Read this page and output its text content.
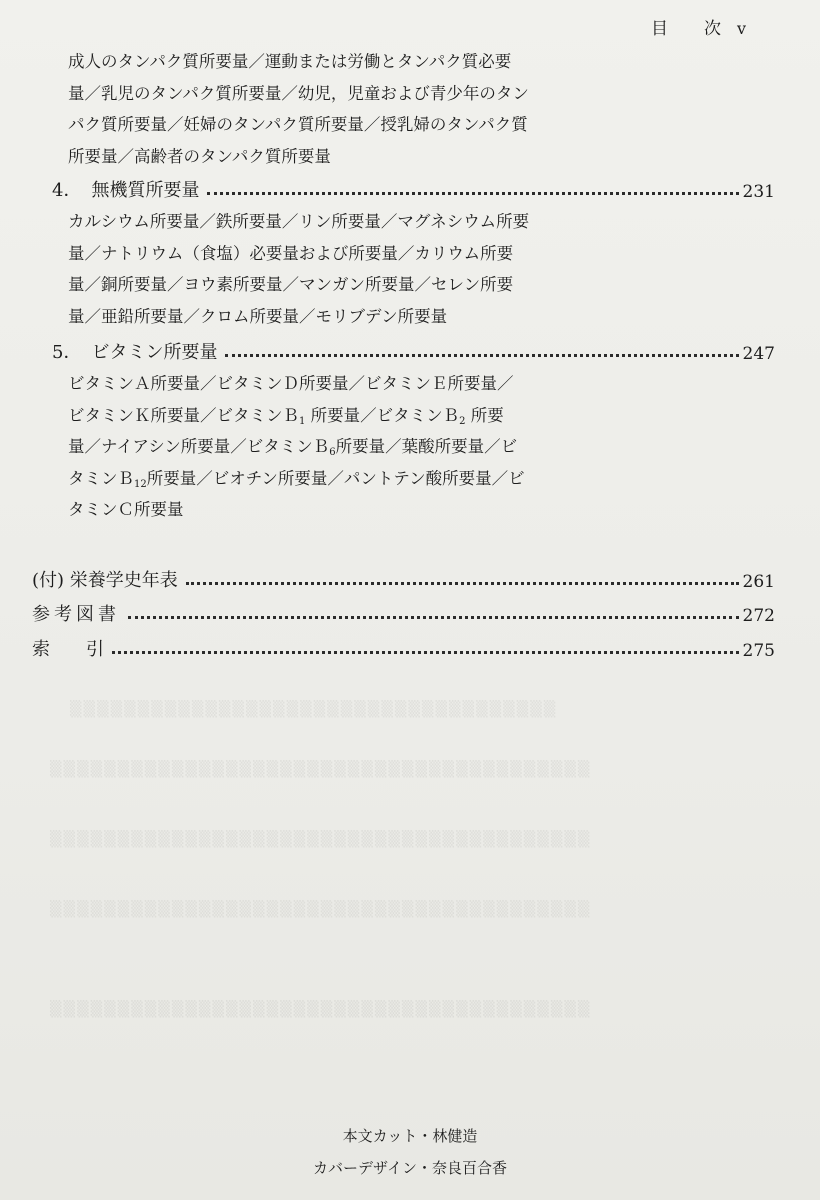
▒▒▒▒▒▒▒▒▒▒▒▒▒▒▒▒▒▒▒▒▒▒▒▒▒▒▒▒▒▒▒▒▒▒▒▒
▒▒▒▒▒▒▒▒▒▒▒▒▒▒▒▒▒▒▒▒▒▒▒▒▒▒▒▒▒▒▒▒▒▒▒▒▒▒▒▒
▒▒▒▒▒▒▒▒▒▒▒▒▒▒▒▒▒▒▒▒▒▒▒▒▒▒▒▒▒▒▒▒▒▒▒▒▒▒▒▒
▒▒▒▒▒▒▒▒▒▒▒▒▒▒▒▒▒▒▒▒▒▒▒▒▒▒▒▒▒▒▒▒▒▒▒▒▒▒▒▒
▒▒▒▒▒▒▒▒▒▒▒▒▒▒▒▒▒▒▒▒▒▒▒▒▒▒▒▒▒▒▒▒▒▒▒▒▒▒▒▒
目 次 v
成人のタンパク質所要量／運動または労働とタンパク質必要
量／乳児のタンパク質所要量／幼児，児童および青少年のタン
パク質所要量／妊婦のタンパク質所要量／授乳婦のタンパク質
所要量／高齢者のタンパク質所要量
4． 無機質所要量	231
カルシウム所要量／鉄所要量／リン所要量／マグネシウム所要
量／ナトリウム（食塩）必要量および所要量／カリウム所要
量／銅所要量／ヨウ素所要量／マンガン所要量／セレン所要
量／亜鉛所要量／クロム所要量／モリブデン所要量
5． ビタミン所要量	247
ビタミンＡ所要量／ビタミンＤ所要量／ビタミンＥ所要量／
ビタミンＫ所要量／ビタミンＢ$_1$ 所要量／ビタミンＢ$_2$ 所要
量／ナイアシン所要量／ビタミンＢ$_6$所要量／葉酸所要量／ビ
タミンＢ$_{12}$所要量／ビオチン所要量／パントテン酸所要量／ビ
タミンＣ所要量
(付) 栄養学史年表	261
参考図書	272
索 引	275
本文カット・林健造
カバーデザイン・奈良百合香
